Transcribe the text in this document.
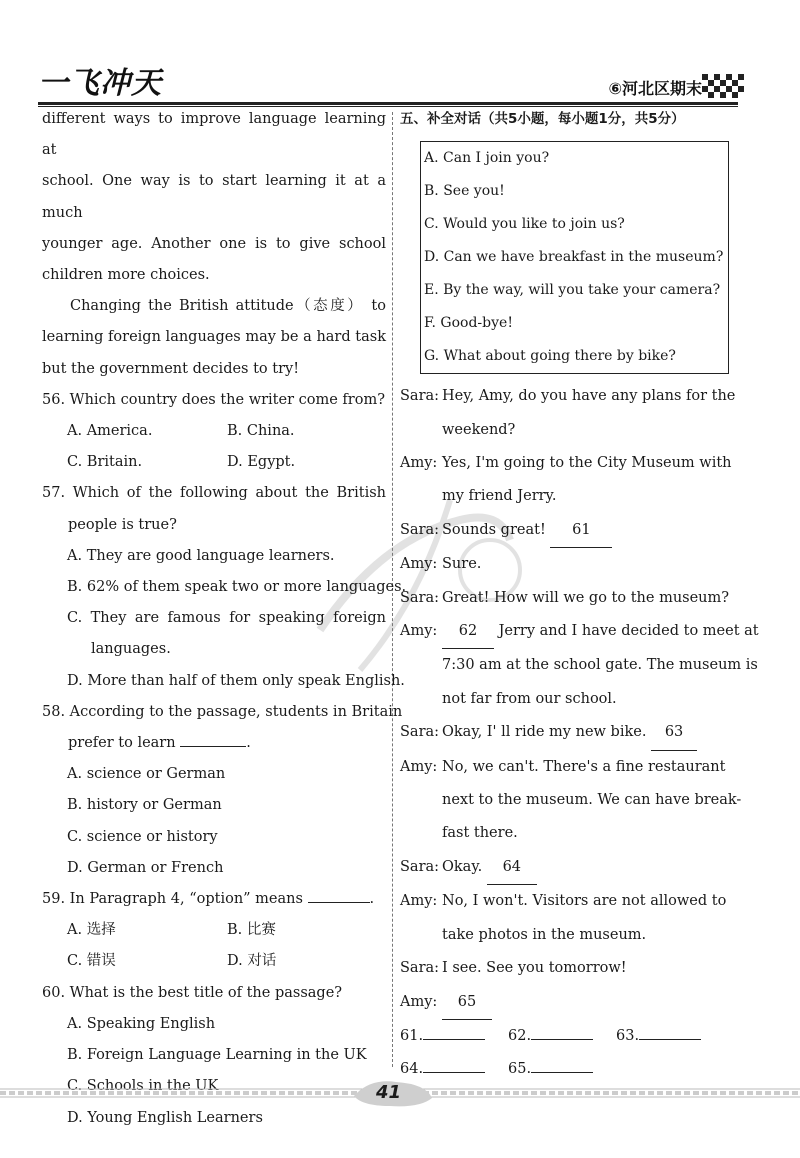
一飞冲天	⑥河北区期末
different ways to improve language learning at
school. One way is to start learning it at a much
younger age. Another one is to give school
children more choices.
Changing the British attitude（态度） to
learning foreign languages may be a hard task
but the government decides to try!
56. Which country does the writer come from?
A. America.	B. China.
C. Britain.	D. Egypt.
57. Which of the following about the British
people is true?
A. They are good language learners.
B. 62% of them speak two or more languages.
C. They are famous for speaking foreign
languages.
D. More than half of them only speak English.
58. According to the passage, students in Britain
prefer to learn	.
A. science or German
B. history or German
C. science or history
D. German or French
59. In Paragraph 4, “option” means	.
A. 选择	B. 比赛
C. 错误	D. 对话
60. What is the best title of the passage?
A. Speaking English
B. Foreign Language Learning in the UK
C. Schools in the UK
D. Young English Learners
五、补全对话（共5小题，每小题1分，共5分）
A. Can I join you?
B. See you!
C. Would you like to join us?
D. Can we have breakfast in the museum?
E. By the way, will you take your camera?
F. Good-bye!
G. What about going there by bike?
Sara: Hey, Amy, do you have any plans for the
weekend?
Amy: Yes, I'm going to the City Museum with
my friend Jerry.
Sara: Sounds great! 61
Amy: Sure.
Sara: Great! How will we go to the museum?
Amy: 62 Jerry and I have decided to meet at
7:30 am at the school gate. The museum is
not far from our school.
Sara: Okay, I' ll ride my new bike. 63
Amy: No, we can't. There's a fine restaurant
next to the museum. We can have break-
fast there.
Sara: Okay. 64
Amy: No, I won't. Visitors are not allowed to
take photos in the museum.
Sara: I see. See you tomorrow!
Amy: 65
61.	62.	63.
64.	65.
41
